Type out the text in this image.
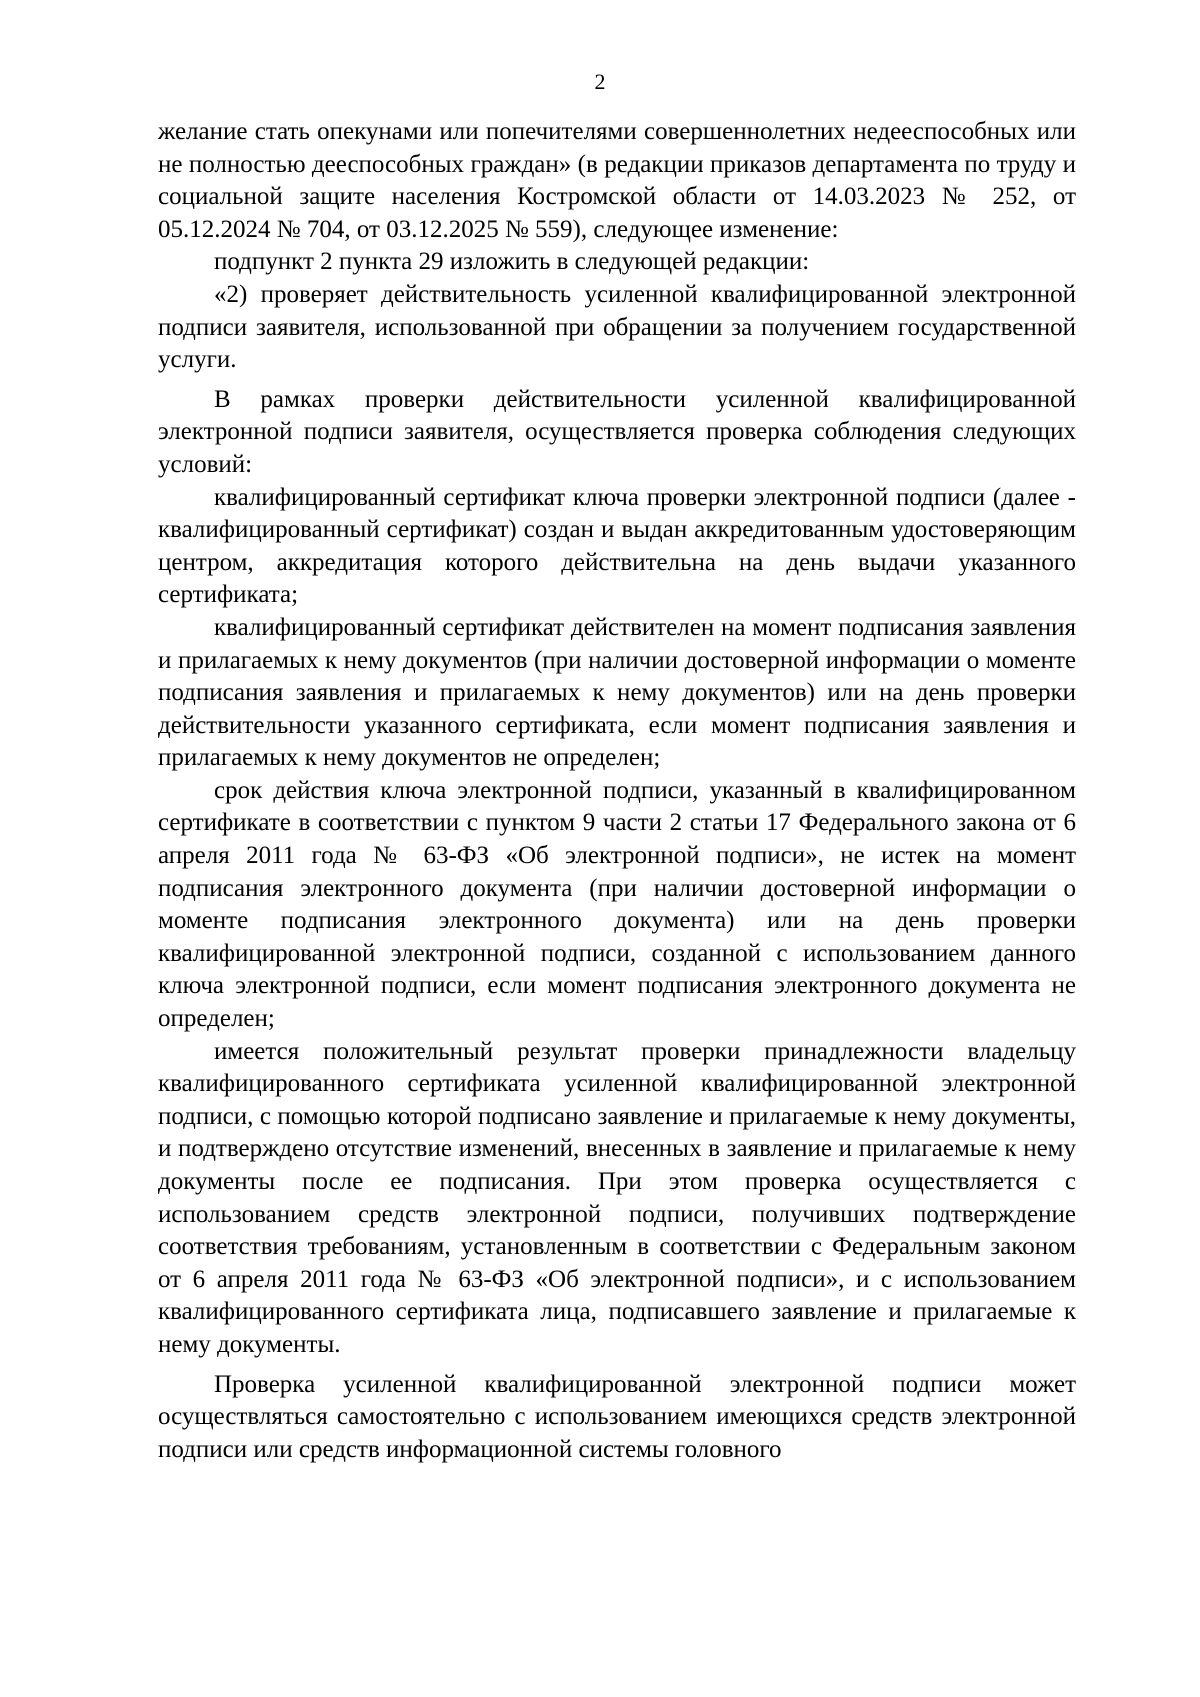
2

желание стать опекунами или попечителями совершеннолетних недееспособных или не полностью дееспособных граждан» (в редакции приказов департамента по труду и социальной защите населения Костромской области от 14.03.2023 № 252, от 05.12.2024 № 704, от 03.12.2025 № 559), следующее изменение:

подпункт 2 пункта 29 изложить в следующей редакции:

«2) проверяет действительность усиленной квалифицированной электронной подписи заявителя, использованной при обращении за получением государственной услуги.

В рамках проверки действительности усиленной квалифицированной электронной подписи заявителя, осуществляется проверка соблюдения следующих условий:

квалифицированный сертификат ключа проверки электронной подписи (далее - квалифицированный сертификат) создан и выдан аккредитованным удостоверяющим центром, аккредитация которого действительна на день выдачи указанного сертификата;

квалифицированный сертификат действителен на момент подписания заявления и прилагаемых к нему документов (при наличии достоверной информации о моменте подписания заявления и прилагаемых к нему документов) или на день проверки действительности указанного сертификата, если момент подписания заявления и прилагаемых к нему документов не определен;

срок действия ключа электронной подписи, указанный в квалифицированном сертификате в соответствии с пунктом 9 части 2 статьи 17 Федерального закона от 6 апреля 2011 года № 63-ФЗ «Об электронной подписи», не истек на момент подписания электронного документа (при наличии достоверной информации о моменте подписания электронного документа) или на день проверки квалифицированной электронной подписи, созданной с использованием данного ключа электронной подписи, если момент подписания электронного документа не определен;

имеется положительный результат проверки принадлежности владельцу квалифицированного сертификата усиленной квалифицированной электронной подписи, с помощью которой подписано заявление и прилагаемые к нему документы, и подтверждено отсутствие изменений, внесенных в заявление и прилагаемые к нему документы после ее подписания. При этом проверка осуществляется с использованием средств электронной подписи, получивших подтверждение соответствия требованиям, установленным в соответствии с Федеральным законом от 6 апреля 2011 года № 63-ФЗ «Об электронной подписи», и с использованием квалифицированного сертификата лица, подписавшего заявление и прилагаемые к нему документы.

Проверка усиленной квалифицированной электронной подписи может осуществляться самостоятельно с использованием имеющихся средств электронной подписи или средств информационной системы головного
